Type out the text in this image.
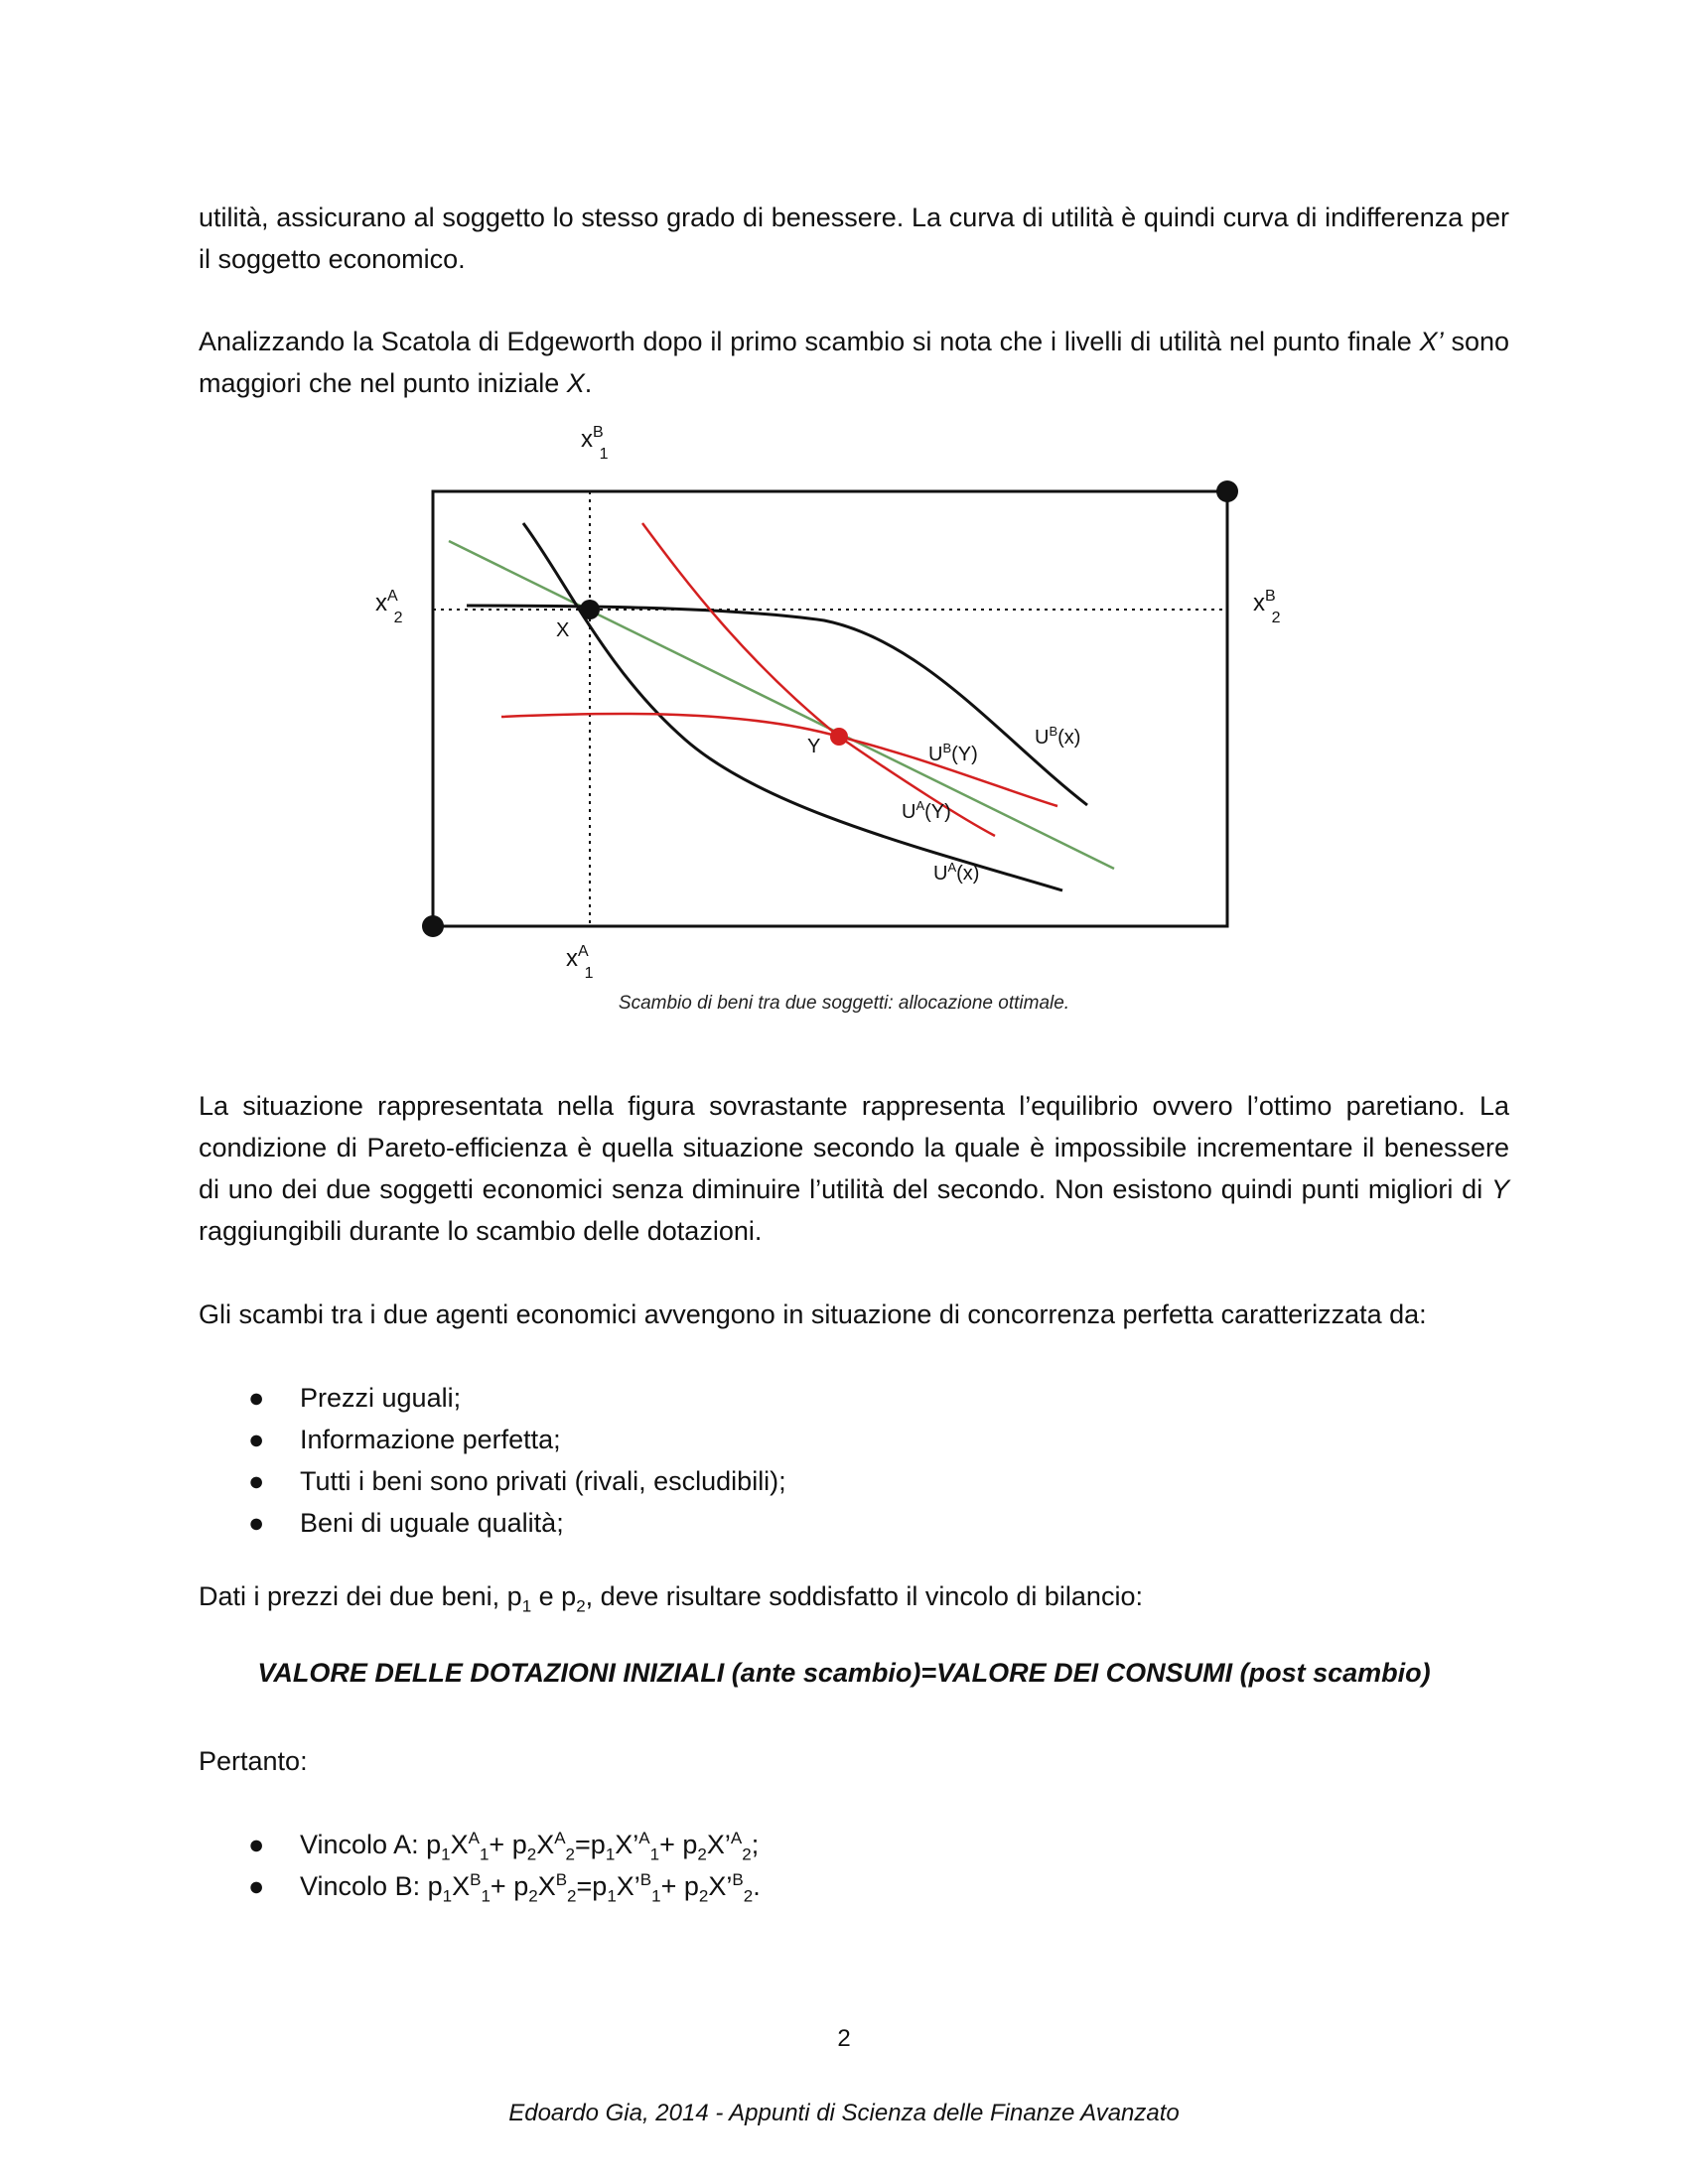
utilità, assicurano al soggetto lo stesso grado di benessere. La curva di utilità è quindi curva di indifferenza per il soggetto economico.

Analizzando la Scatola di Edgeworth dopo il primo scambio si nota che i livelli di utilità nel punto finale X’ sono maggiori che nel punto iniziale X.

$x^B$ 1
$x^A$ 2
$x^B$ 2
$x^A$ 1
X
Y	$U^B(Y)$
$U^B(x)$
$U^A(Y)$
$U^A(x)$
Scambio di beni tra due soggetti: allocazione ottimale.

La situazione rappresentata nella figura sovrastante rappresenta l’equilibrio ovvero l’ottimo paretiano. La condizione di Pareto-efficienza è quella situazione secondo la quale è impossibile incrementare il benessere di uno dei due soggetti economici senza diminuire l’utilità del secondo. Non esistono quindi punti migliori di Y raggiungibili durante lo scambio delle dotazioni.

Gli scambi tra i due agenti economici avvengono in situazione di concorrenza perfetta caratterizzata da:

● Prezzi uguali;
● Informazione perfetta;
● Tutti i beni sono privati (rivali, escludibili);
● Beni di uguale qualità;

Dati i prezzi dei due beni, $p_1$ e $p_2$, deve risultare soddisfatto il vincolo di bilancio:

VALORE DELLE DOTAZIONI INIZIALI (ante scambio)=VALORE DEI CONSUMI (post scambio)

Pertanto:

● Vincolo A: $p_1X^A_1+$ $p_2X^A_2=p_1X’^A_1+$ $p_2X’^A_2$;
● Vincolo B: $p_1X^B_1+$ $p_2X^B_2=p_1X’^B_1+$ $p_2X’^B_2$.
2
Edoardo Gia, 2014 - Appunti di Scienza delle Finanze Avanzato
